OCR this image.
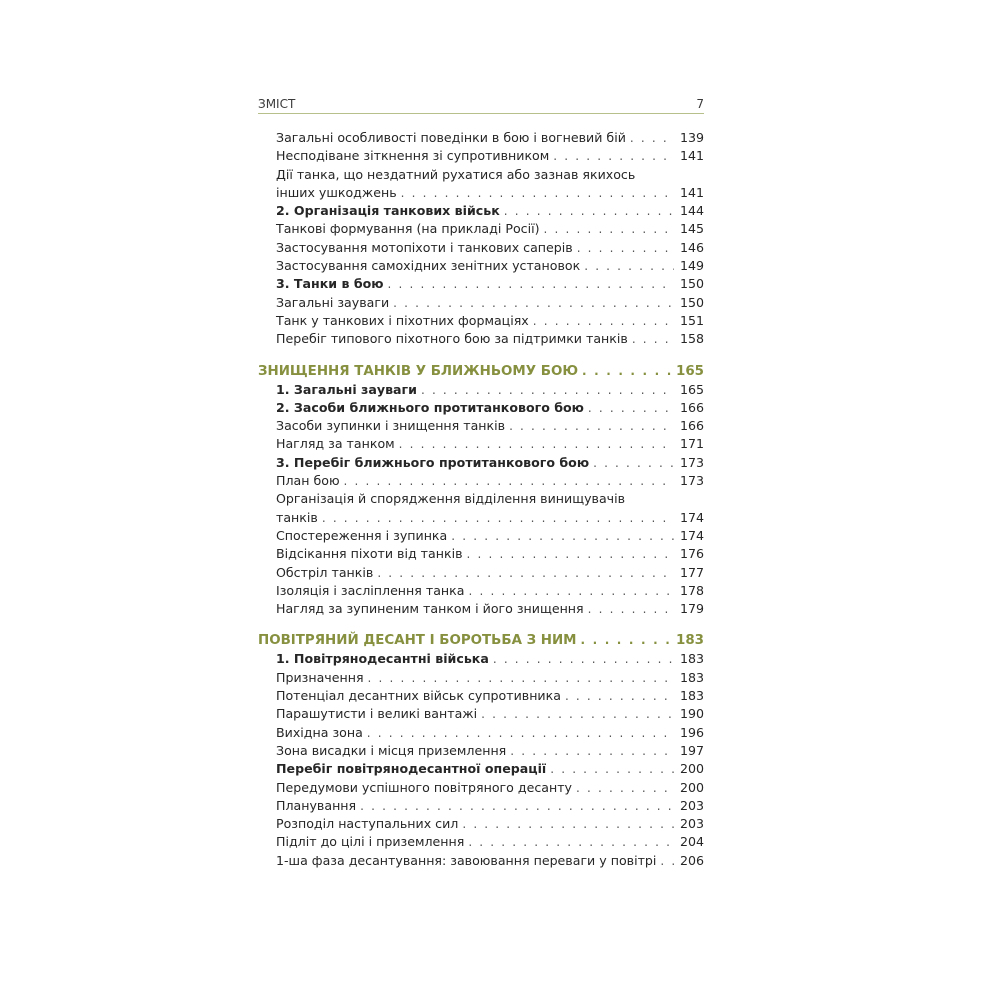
ЗМІСТ	7
Загальні особливості поведінки в бою і вогневий бій . . .	139
Несподіване зіткнення зі супротивником . . .	141
Дії танка, що нездатний рухатися або зазнав якихось
інших ушкоджень . . .	141
2. Організація танкових військ . . .	144
Танкові формування (на прикладі Росії) . . .	145
Застосування мотопіхоти і танкових саперів . . .	146
Застосування самохідних зенітних установок . . .	149
3. Танки в бою . . .	150
Загальні зауваги . . .	150
Танк у танкових і піхотних формаціях . . .	151
Перебіг типового піхотного бою за підтримки танків . . .	158
ЗНИЩЕННЯ ТАНКІВ У БЛИЖНЬОМУ БОЮ . . .	165
1. Загальні зауваги . . .	165
2. Засоби ближнього протитанкового бою . . .	166
Засоби зупинки і знищення танків . . .	166
Нагляд за танком . . .	171
3. Перебіг ближнього протитанкового бою . . .	173
План бою . . .	173
Організація й спорядження відділення винищувачів
танків . . .	174
Спостереження і зупинка . . .	174
Відсікання піхоти від танків . . .	176
Обстріл танків . . .	177
Ізоляція і засліплення танка . . .	178
Нагляд за зупиненим танком і його знищення . . .	179
ПОВІТРЯНИЙ ДЕСАНТ І БОРОТЬБА З НИМ . . .	183
1. Повітрянодесантні війська . . .	183
Призначення . . .	183
Потенціал десантних військ супротивника . . .	183
Парашутисти і великі вантажі . . .	190
Вихідна зона . . .	196
Зона висадки і місця приземлення . . .	197
Перебіг повітрянодесантної операції . . .	200
Передумови успішного повітряного десанту . . .	200
Планування . . .	203
Розподіл наступальних сил . . .	203
Підліт до цілі і приземлення . . .	204
1-ша фаза десантування: завоювання переваги у повітрі . . . 206
